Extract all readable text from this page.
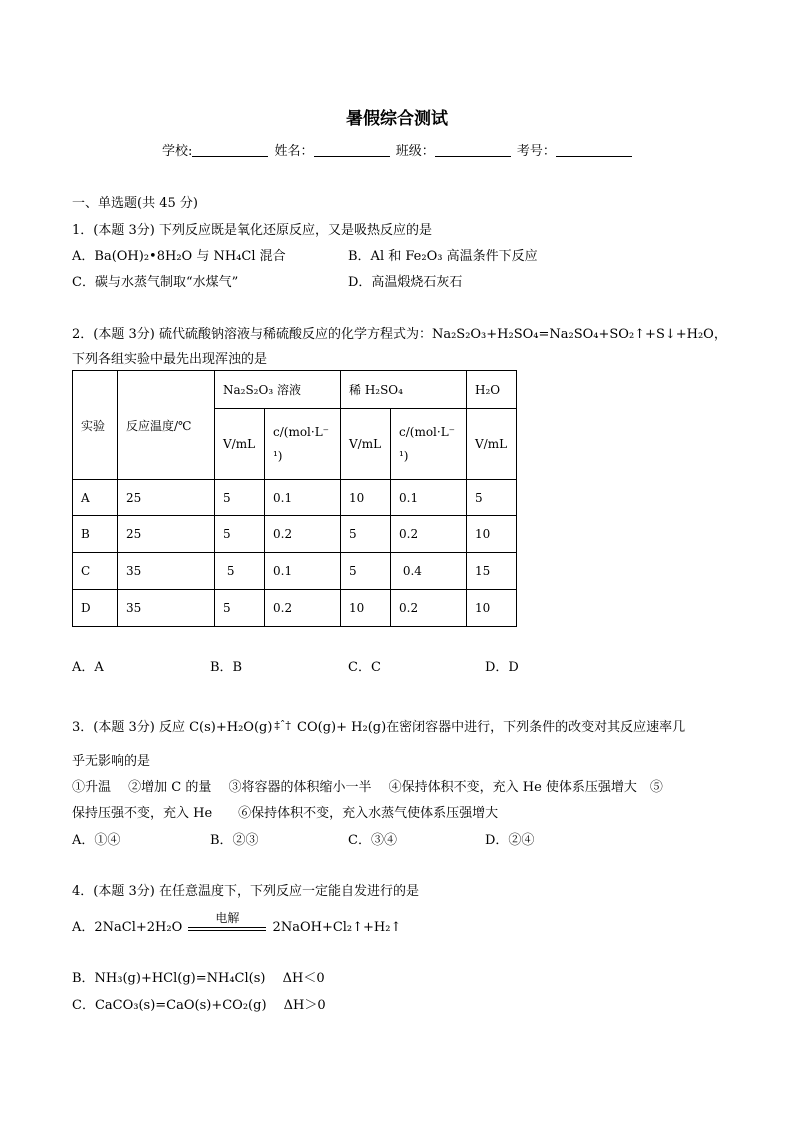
暑假综合测试
学校:	姓名：	班级：	考号：
一、单选题(共 45 分)
1．(本题 3分) 下列反应既是氧化还原反应，又是吸热反应的是
A．Ba(OH)₂•8H₂O 与 NH₄Cl 混合	B．Al 和 Fe₂O₃ 高温条件下反应
C．碳与水蒸气制取“水煤气”	D．高温煅烧石灰石
2．(本题 3分) 硫代硫酸钠溶液与稀硫酸反应的化学方程式为：Na₂S₂O₃+H₂SO₄=Na₂SO₄+SO₂↑+S↓+H₂O，
下列各组实验中最先出现浑浊的是
实验	反应温度/℃	Na₂S₂O₃ 溶液		稀 H₂SO₄		H₂O
		V/mL	c/(mol·L⁻
¹)	V/mL	c/(mol·L⁻
¹)	V/mL
A	25	5	0.1	10	0.1	5
B	25	5	0.2	5	0.2	10
C	35	5	0.1	5	0.4	15
D	35	5	0.2	10	0.2	10
A．A	B．B	C．C	D．D
3．(本题 3分) 反应 C(s)+H₂O(g) ‡ˆ† CO(g)+ H₂(g)在密闭容器中进行，下列条件的改变对其反应速率几
乎无影响的是
①升温　 ②增加 C 的量　 ③将容器的体积缩小一半　 ④保持体积不变，充入 He 使体系压强增大　⑤
保持压强不变，充入 He　　⑥保持体积不变，充入水蒸气使体系压强增大
A．①④	B．②③	C．③④	D．②④
4．(本题 3分) 在任意温度下，下列反应一定能自发进行的是
A．2NaCl+2H₂O
电解
2NaOH+Cl₂↑+H₂↑
B．NH₃(g)+HCl(g)=NH₄Cl(s)　 ΔH＜0
C．CaCO₃(s)=CaO(s)+CO₂(g)　 ΔH＞0
